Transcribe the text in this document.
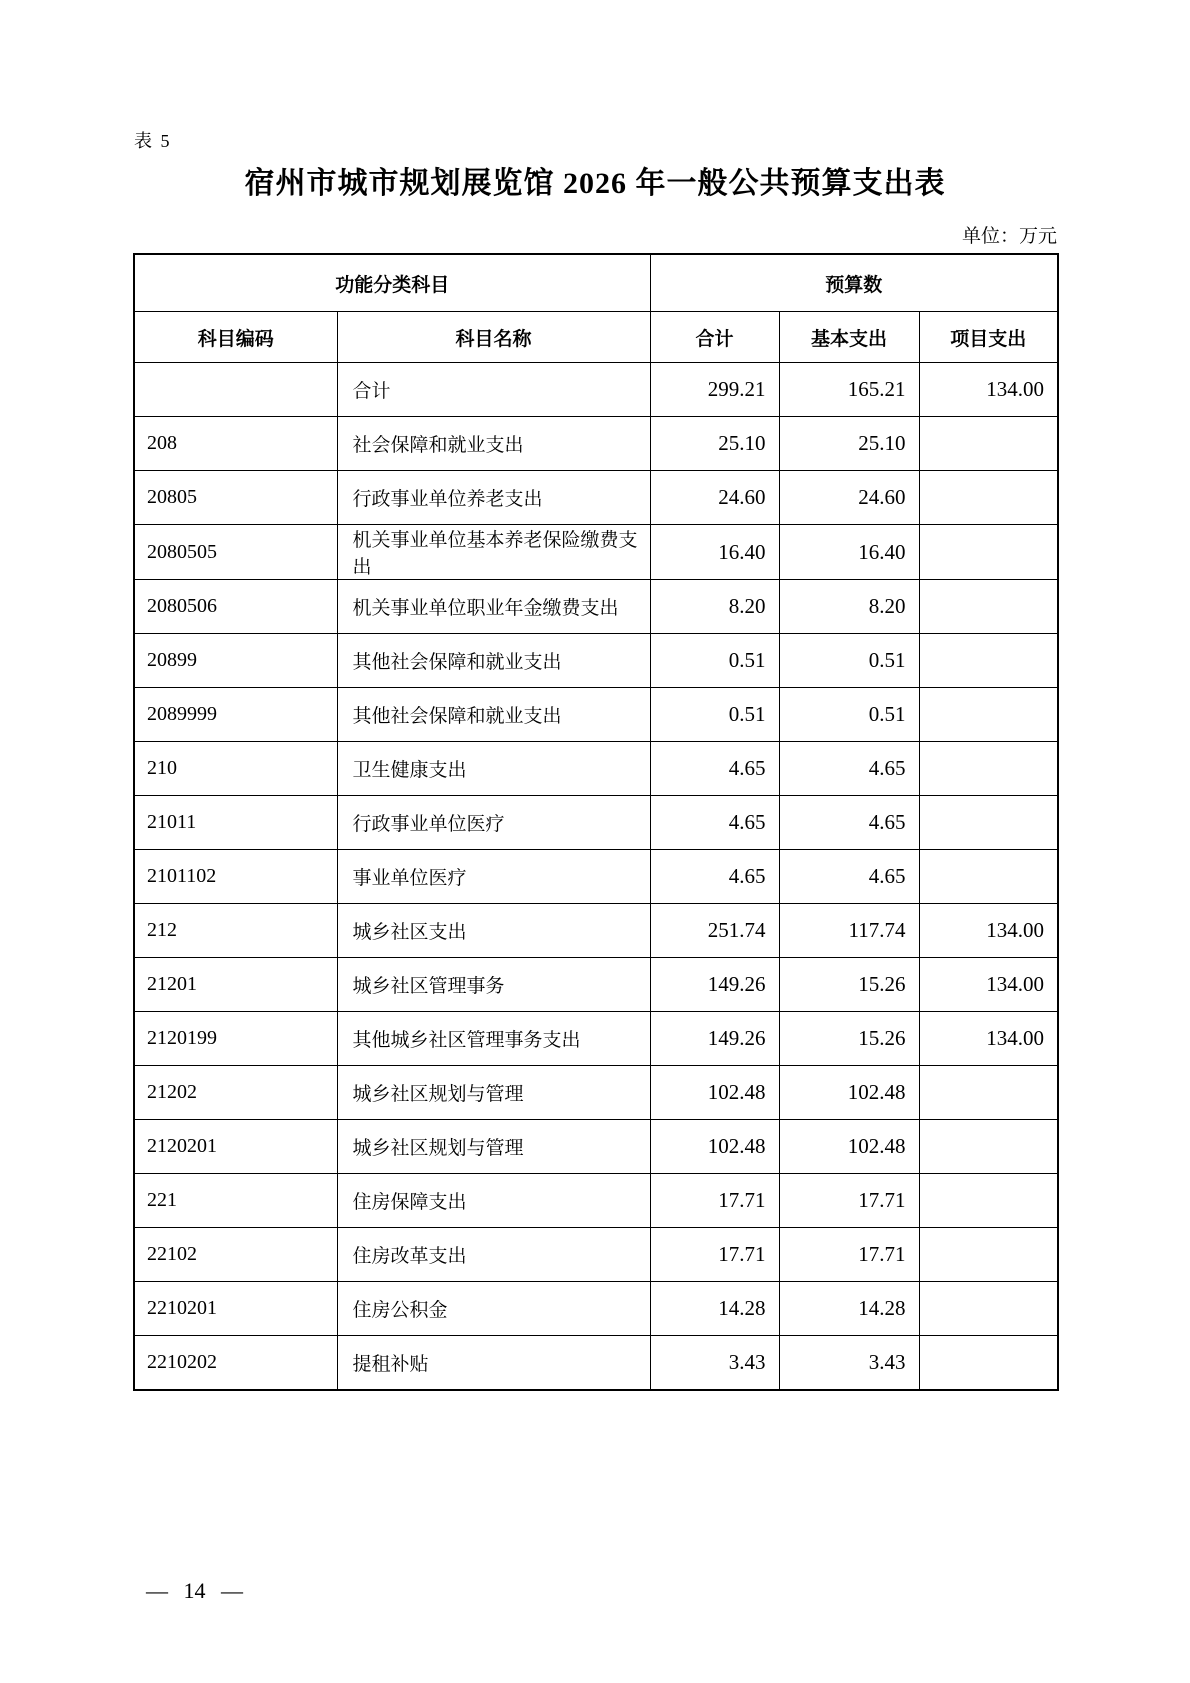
表 5
宿州市城市规划展览馆 2026 年一般公共预算支出表
单位：万元
功能分类科目		预算数		
科目编码	科目名称	合计	基本支出	项目支出
	合计	299.21	165.21	134.00
208	社会保障和就业支出	25.10	25.10	
20805	行政事业单位养老支出	24.60	24.60	
2080505	机关事业单位基本养老保险缴费支出	16.40	16.40	
2080506	机关事业单位职业年金缴费支出	8.20	8.20	
20899	其他社会保障和就业支出	0.51	0.51	
2089999	其他社会保障和就业支出	0.51	0.51	
210	卫生健康支出	4.65	4.65	
21011	行政事业单位医疗	4.65	4.65	
2101102	事业单位医疗	4.65	4.65	
212	城乡社区支出	251.74	117.74	134.00
21201	城乡社区管理事务	149.26	15.26	134.00
2120199	其他城乡社区管理事务支出	149.26	15.26	134.00
21202	城乡社区规划与管理	102.48	102.48	
2120201	城乡社区规划与管理	102.48	102.48	
221	住房保障支出	17.71	17.71	
22102	住房改革支出	17.71	17.71	
2210201	住房公积金	14.28	14.28	
2210202	提租补贴	3.43	3.43	
— 14 —
